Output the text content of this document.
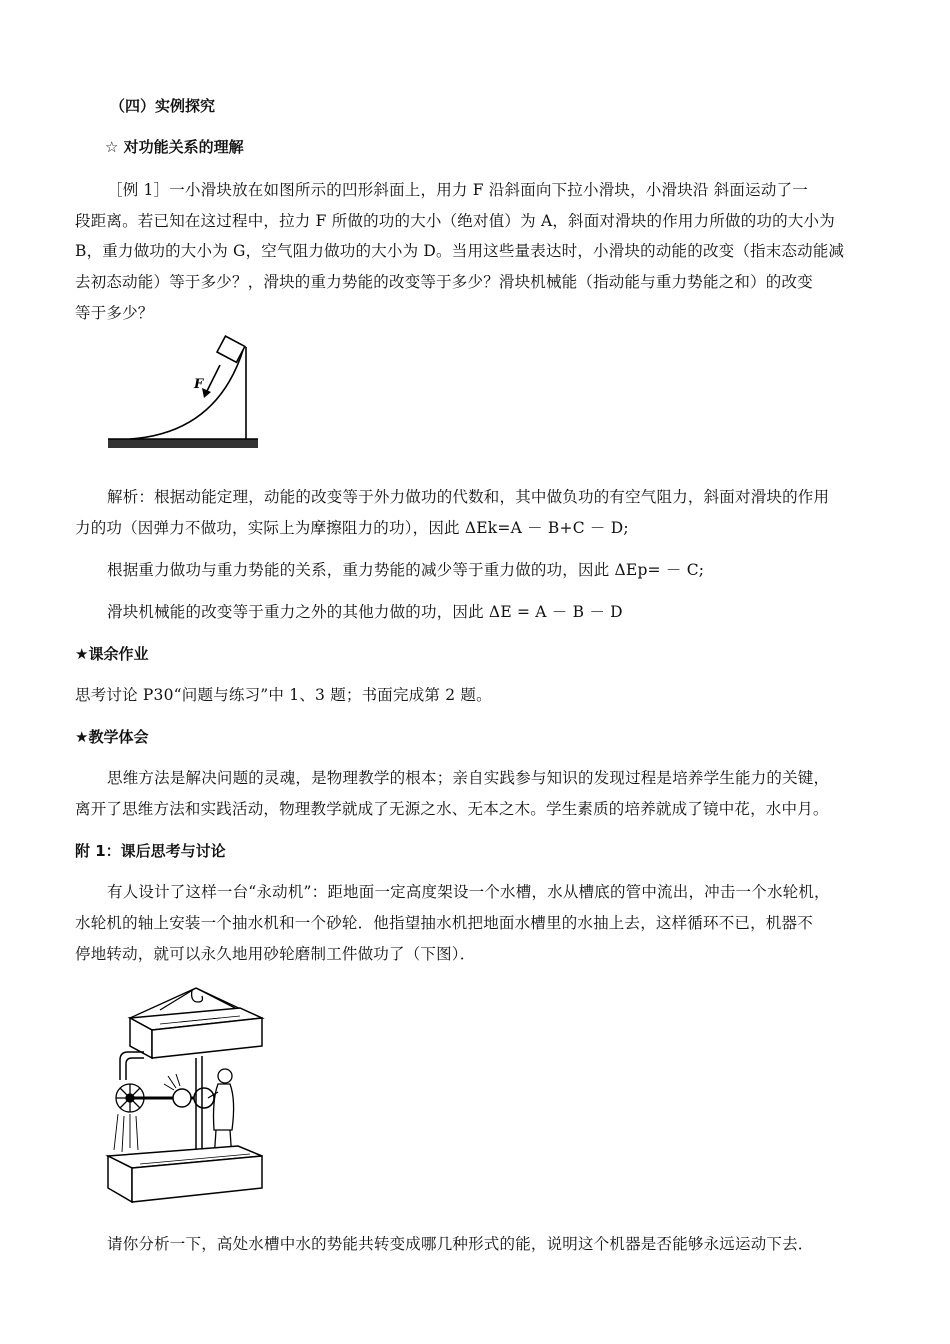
（四）实例探究
☆ 对功能关系的理解
［例 1］一小滑块放在如图所示的凹形斜面上，用力 F 沿斜面向下拉小滑块，小滑块沿 斜面运动了一
段距离。若已知在这过程中，拉力 F 所做的功的大小（绝对值）为 A，斜面对滑块的作用力所做的功的大小为
B，重力做功的大小为 G，空气阻力做功的大小为 D。当用这些量表达时，小滑块的动能的改变（指末态动能减
去初态动能）等于多少？，滑块的重力势能的改变等于多少？滑块机械能（指动能与重力势能之和）的改变
等于多少？
F
解析：根据动能定理，动能的改变等于外力做功的代数和，其中做负功的有空气阻力，斜面对滑块的作用
力的功（因弹力不做功，实际上为摩擦阻力的功），因此 ΔEk=A － B+C － D;
根据重力做功与重力势能的关系，重力势能的减少等于重力做的功，因此 ΔEp= － C;
滑块机械能的改变等于重力之外的其他力做的功，因此 ΔE = A － B － D
★课余作业
思考讨论 P30“问题与练习”中 1、3 题；书面完成第 2 题。
★教学体会
思维方法是解决问题的灵魂，是物理教学的根本；亲自实践参与知识的发现过程是培养学生能力的关键，
离开了思维方法和实践活动，物理教学就成了无源之水、无本之木。学生素质的培养就成了镜中花，水中月。
附 1：课后思考与讨论
有人设计了这样一台“永动机”：距地面一定高度架设一个水槽，水从槽底的管中流出，冲击一个水轮机，
水轮机的轴上安装一个抽水机和一个砂轮．他指望抽水机把地面水槽里的水抽上去，这样循环不已，机器不
停地转动，就可以永久地用砂轮磨制工件做功了（下图）．
请你分析一下，高处水槽中水的势能共转变成哪几种形式的能，说明这个机器是否能够永远运动下去．
